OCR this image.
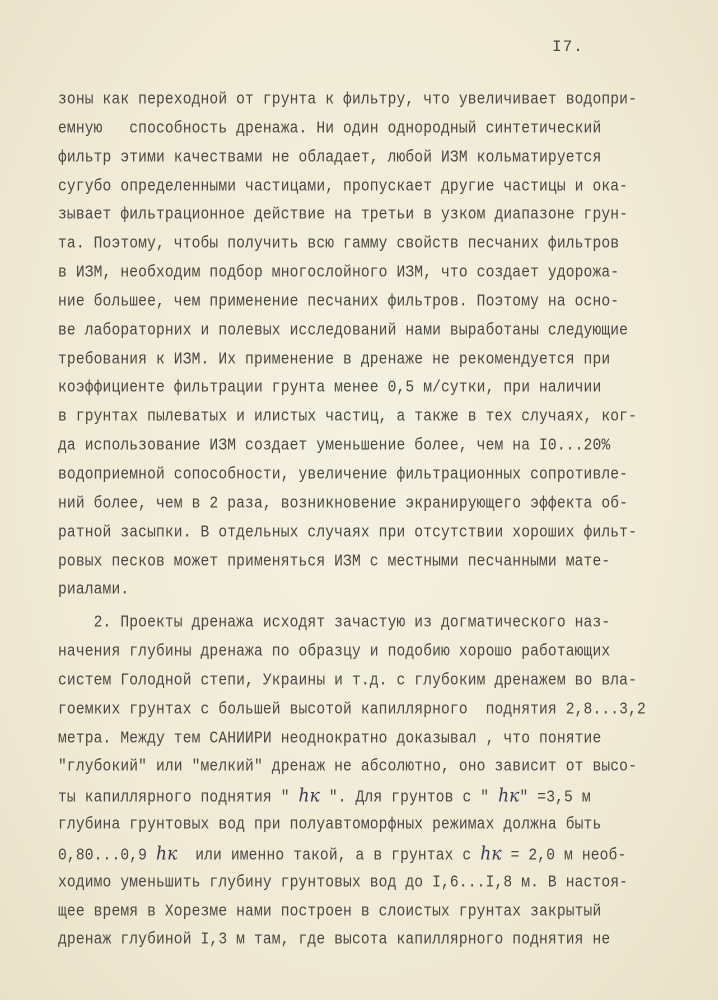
I7.
зоны как переходной от грунта к фильтру, что увеличивает водопри-
емную   способность дренажа. Ни один однородный синтетический
фильтр этими качествами не обладает, любой ИЗМ кольматируется
сугубо определенными частицами, пропускает другие частицы и ока-
зывает фильтрационное действие на третьи в узком диапазоне грун-
та. Поэтому, чтобы получить всю гамму свойств песчаних фильтров
в ИЗМ, необходим подбор многослойного ИЗМ, что создает удорожа-
ние большее, чем применение песчаних фильтров. Поэтому на осно-
ве лабораторних и полевых исследований нами выработаны следующие
требования к ИЗМ. Их применение в дренаже не рекомендуется при
коэффициенте фильтрации грунта менее 0,5 м/сутки, при наличии
в грунтах пылеватых и илистых частиц, а также в тех случаях, ког-
да использование ИЗМ создает уменьшение более, чем на I0...20%
водоприемной сопособности, увеличение фильтрационных сопротивле-
ний более, чем в 2 раза, возникновение экранирующего эффекта об-
ратной засыпки. В отдельных случаях при отсутствии хороших фильт-
ровых песков может применяться ИЗМ с местными песчанными мате-
риалами.
2. Проекты дренажа исходят зачастую из догматического наз-
начения глубины дренажа по образцу и подобию хорошо работающих
систем Голодной степи, Украины и т.д. с глубоким дренажем во вла-
гоемких грунтах с большей высотой капиллярного  поднятия 2,8...3,2
метра. Между тем САНИИРИ неоднократно доказывал , что понятие
"глубокий" или "мелкий" дренаж не абсолютно, оно зависит от высо-
ты капиллярного поднятия " hк ". Для грунтов с " hк" =3,5 м
глубина грунтовых вод при полуавтоморфных режимах должна быть
0,80...0,9 hк  или именно такой, а в грунтах с hк = 2,0 м необ-
ходимо уменьшить глубину грунтовых вод до I,6...I,8 м. В настоя-
щее время в Хорезме нами построен в слоистых грунтах закрытый
дренаж глубиной I,3 м там, где высота капиллярного поднятия не
